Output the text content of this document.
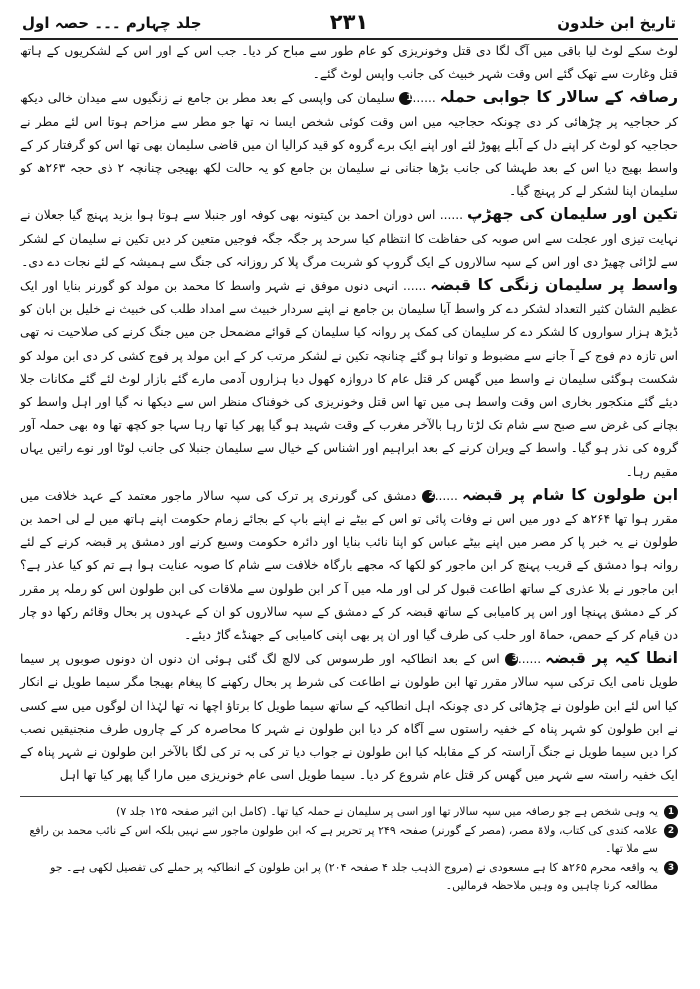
تاریخ ابن خلدون
۲۳۱
جلد چہارم ۔۔۔ حصہ اول

لوٹ سکے لوٹ لیا باقی میں آگ لگا دی قتل وخونریزی کو عام طور سے مباح کر دیا۔ جب اس کے اور اس کے لشکریوں کے ہاتھ قتل وغارت سے تھک گئے اس وقت شہر خبیث کی جانب واپس لوٹ گئے۔

رصافہ کے سالار کا جوابی حملہ......1 سلیمان کی واپسی کے بعد مطر بن جامع نے زنگیوں سے میدان خالی دیکھ کر حجاجیہ پر چڑھائی کر دی چونکہ حجاجیہ میں اس وقت کوئی شخص ایسا نہ تھا جو مطر سے مزاحم ہوتا اس لئے مطر نے حجاجیہ کو لوٹ کر اپنے دل کے آبلے پھوڑ لئے اور اپنے ایک برے گروہ کو قید کرالیا ان میں قاضی سلیمان بھی تھا اس کو گرفتار کر کے واسط بھیج دیا اس کے بعد طہشا کی جانب بڑھا جنانی نے سلیمان بن جامع کو یہ حالت لکھ بھیجی چنانچہ ۲ ذی حجہ ۲۶۳ھ کو سلیمان اپنا لشکر لے کر پہنچ گیا۔

تکین اور سلیمان کی جھڑپ...... اس دوران احمد بن کیتونہ بھی کوفہ اور جنبلا سے ہوتا ہوا بزید پہنچ گیا جعلان نے نہایت تیزی اور عجلت سے اس صوبہ کی حفاظت کا انتظام کیا سرحد پر جگہ جگہ فوجیں متعین کر دیں تکین نے سلیمان کے لشکر سے لڑائی چھیڑ دی اور اس کے سپہ سالاروں کے ایک گروپ کو شربت مرگ پلا کر روزانہ کی جنگ سے ہمیشہ کے لئے نجات دے دی۔

واسط پر سلیمان زنگی کا قبضہ...... انہی دنوں موفق نے شہر واسط کا محمد بن مولد کو گورنر بنایا اور ایک عظیم الشان کثیر التعداد لشکر دے کر واسط آیا سلیمان بن جامع نے اپنے سردار خبیث سے امداد طلب کی خبیث نے خلیل بن ابان کو ڈیڑھ ہزار سواروں کا لشکر دے کر سلیمان کی کمک پر روانہ کیا سلیمان کے قوائے مضمحل جن میں جنگ کرنے کی صلاحیت نہ تھی اس تازہ دم فوج کے آ جانے سے مضبوط و توانا ہو گئے چنانچہ تکین نے لشکر مرتب کر کے ابن مولد پر فوج کشی کر دی ابن مولد کو شکست ہوگئی سلیمان نے واسط میں گھس کر قتل عام کا دروازہ کھول دیا ہزاروں آدمی مارے گئے بازار لوٹ لئے گئے مکانات جلا دیئے گئے منکجور بخاری اس وقت واسط ہی میں تھا اس قتل وخونریزی کی خوفناک منظر اس سے دیکھا نہ گیا اور اہل واسط کو بچانے کی غرض سے صبح سے شام تک لڑتا رہا بالآخر مغرب کے وقت شہید ہو گیا پھر کیا تھا رہا سہا جو کچھ تھا وہ بھی حملہ آور گروہ کی نذر ہو گیا۔ واسط کے ویران کرنے کے بعد ابراہیم اور اشناس کے خیال سے سلیمان جنبلا کی جانب لوٹا اور نوے راتیں یہاں مقیم رہا۔

ابن طولون کا شام پر قبضہ......2 دمشق کی گورنری پر ترک کی سپہ سالار ماجور معتمد کے عہد خلافت میں مقرر ہوا تھا ۲۶۴ھ کے دور میں اس نے وفات پائی تو اس کے بیٹے نے اپنے باپ کے بجائے زمام حکومت اپنے ہاتھ میں لے لی احمد بن طولون نے یہ خبر پا کر مصر میں اپنے بیٹے عباس کو اپنا نائب بنایا اور دائرہ حکومت وسیع کرنے اور دمشق پر قبضہ کرنے کے لئے روانہ ہوا دمشق کے قریب پہنچ کر ابن ماجور کو لکھا کہ مجھے بارگاہ خلافت سے شام کا صوبہ عنایت ہوا ہے تم کو کیا عذر ہے؟ ابن ماجور نے بلا عذری کے ساتھ اطاعت قبول کر لی اور ملہ میں آ کر ابن طولون سے ملاقات کی ابن طولون اس کو رملہ پر مقرر کر کے دمشق پہنچا اور اس پر کامیابی کے ساتھ قبضہ کر کے دمشق کے سپہ سالاروں کو ان کے عہدوں پر بحال وقائم رکھا دو چار دن قیام کر کے حمص، حماۃ اور حلب کی طرف گیا اور ان پر بھی اپنی کامیابی کے جھنڈے گاڑ دیئے۔

انطا کیہ پر قبضہ......3 اس کے بعد انطاکیہ اور طرسوس کی لالچ لگ گئی ہوئی ان دنوں ان دونوں صوبوں پر سیما طویل نامی ایک ترکی سپہ سالار مقرر تھا ابن طولون نے اطاعت کی شرط پر بحال رکھنے کا پیغام بھیجا مگر سیما طویل نے انکار کیا اس لئے ابن طولون نے چڑھائی کر دی چونکہ اہل انطاکیہ کے ساتھ سیما طویل کا برتاؤ اچھا نہ تھا لہٰذا ان لوگوں میں سے کسی نے ابن طولون کو شہر پناہ کے خفیہ راستوں سے آگاہ کر دیا ابن طولون نے شہر کا محاصرہ کر کے چاروں طرف منجنیقیں نصب کرا دیں سیما طویل نے جنگ آراستہ کر کے مقابلہ کیا ابن طولون نے جواب دیا تر کی بہ تر کی لگا بالآخر ابن طولون نے شہر پناہ کے ایک خفیہ راستہ سے شہر میں گھس کر قتل عام شروع کر دیا۔ سیما طویل اسی عام خونریزی میں مارا گیا پھر کیا تھا اہل

1
یہ وہی شخص ہے جو رصافہ میں سپہ سالار تھا اور اسی پر سلیمان نے حملہ کیا تھا۔ (کامل ابن اثیر صفحہ ۱۲۵ جلد ۷)
2
علامہ کندی کی کتاب، ولاۃ مصر، (مصر کے گورنر) صفحہ ۲۴۹ پر تحریر ہے کہ ابن طولون ماجور سے نہیں بلکہ اس کے نائب محمد بن رافع سے ملا تھا۔
3
یہ واقعہ محرم ۲۶۵ھ کا ہے مسعودی نے (مروج الذہب جلد ۴ صفحہ ۲۰۴) پر ابن طولون کے انطاکیہ پر حملے کی تفصیل لکھی ہے۔ جو مطالعہ کرنا چاہیں وہ وہیں ملاحظہ فرمالیں۔
